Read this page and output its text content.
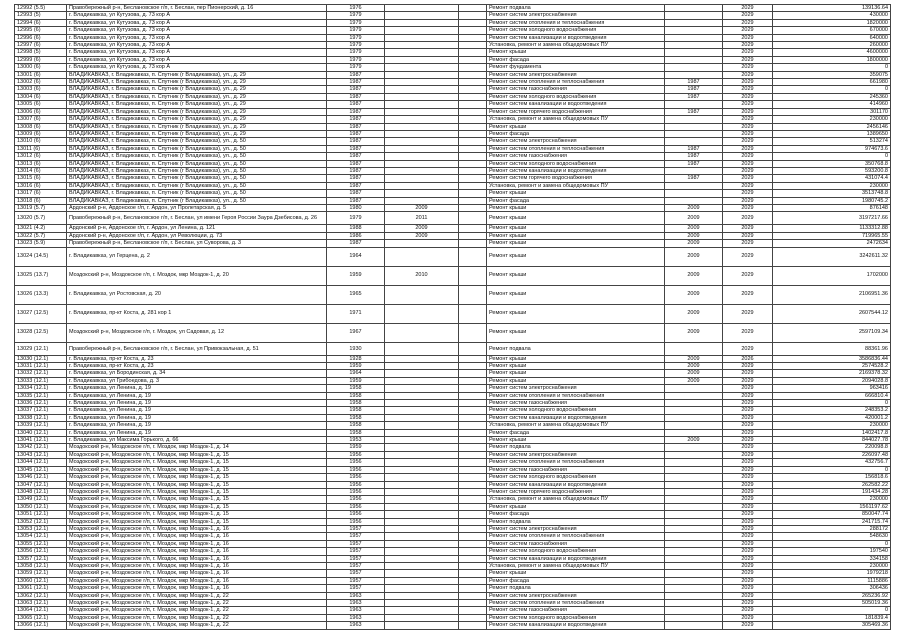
12992 (5.5)	Правобережный р-н, Беслановское г/п, г. Беслан, пер Пионерский, д. 16	1976			Ремонт подвала		2029	139136.64
12993 (5)	г. Владикавказ, ул Кутузова, д. 73 кор А	1979			Ремонт систем электроснабжения		2029	430000
12994 (6)	г. Владикавказ, ул Кутузова, д. 73 кор А	1979			Ремонт систем отопления и теплоснабжения		2029	1820000
12995 (6)	г. Владикавказ, ул Кутузова, д. 73 кор А	1979			Ремонт систем холодного водоснабжения		2029	670000
12996 (6)	г. Владикавказ, ул Кутузова, д. 73 кор А	1979			Ремонт систем канализации и водоотведения		2029	640000
12997 (6)	г. Владикавказ, ул Кутузова, д. 73 кор А	1979			Установка, ремонт и замена общедомовых ПУ		2029	260000
12998 (5)	г. Владикавказ, ул Кутузова, д. 73 кор А	1979			Ремонт крыши		2029	4600000
12999 (6)	г. Владикавказ, ул Кутузова, д. 73 кор А	1979			Ремонт фасада		2029	1800000
13000 (6)	г. Владикавказ, ул Кутузова, д. 73 кор А	1979			Ремонт фундамента		2029	0
13001 (6)	ВЛАДИКАВКАЗ, г. Владикавказ, п. Спутник (г Владикавказ), ул., д. 29	1987			Ремонт систем электроснабжения		2029	359075
13002 (6)	ВЛАДИКАВКАЗ, г. Владикавказ, п. Спутник (г Владикавказ), ул., д. 29	1987			Ремонт систем отопления и теплоснабжения	1987	2029	661980
13003 (6)	ВЛАДИКАВКАЗ, г. Владикавказ, п. Спутник (г Владикавказ), ул., д. 29	1987			Ремонт систем газоснабжения	1987	2029	0
13004 (6)	ВЛАДИКАВКАЗ, г. Владикавказ, п. Спутник (г Владикавказ), ул., д. 29	1987			Ремонт систем холодного водоснабжения	1987	2029	245360
13005 (6)	ВЛАДИКАВКАЗ, г. Владикавказ, п. Спутник (г Владикавказ), ул., д. 29	1987			Ремонт систем канализации и водоотведения		2029	414960
13006 (6)	ВЛАДИКАВКАЗ, г. Владикавказ, п. Спутник (г Владикавказ), ул., д. 29	1987			Ремонт систем горячего водоснабжения	1987	2029	301170
13007 (6)	ВЛАДИКАВКАЗ, г. Владикавказ, п. Спутник (г Владикавказ), ул., д. 29	1987			Установка, ремонт и замена общедомовых ПУ		2029	230000
13008 (6)	ВЛАДИКАВКАЗ, г. Владикавказ, п. Спутник (г Владикавказ), ул., д. 29	1987			Ремонт крыши		2029	2456146
13009 (6)	ВЛАДИКАВКАЗ, г. Владикавказ, п. Спутник (г Владикавказ), ул., д. 29	1987			Ремонт фасада		2029	1389650
13010 (6)	ВЛАДИКАВКАЗ, г. Владикавказ, п. Спутник (г Владикавказ), ул., д. 50	1987			Ремонт систем электроснабжения		2029	513274
13011 (6)	ВЛАДИКАВКАЗ, г. Владикавказ, п. Спутник (г Владикавказ), ул., д. 50	1987			Ремонт систем отопления и теплоснабжения	1987	2029	974673.6
13012 (6)	ВЛАДИКАВКАЗ, г. Владикавказ, п. Спутник (г Владикавказ), ул., д. 50	1987			Ремонт систем газоснабжения	1987	2029	0
13013 (6)	ВЛАДИКАВКАЗ, г. Владикавказ, п. Спутник (г Владикавказ), ул., д. 50	1987			Ремонт систем холодного водоснабжения	1987	2029	350768.8
13014 (6)	ВЛАДИКАВКАЗ, г. Владикавказ, п. Спутник (г Владикавказ), ул., д. 50	1987			Ремонт систем канализации и водоотведения		2029	593200.8
13015 (6)	ВЛАДИКАВКАЗ, г. Владикавказ, п. Спутник (г Владикавказ), ул., д. 50	1987			Ремонт систем горячего водоснабжения	1987	2029	431074.4
13016 (6)	ВЛАДИКАВКАЗ, г. Владикавказ, п. Спутник (г Владикавказ), ул., д. 50	1987			Установка, ремонт и замена общедомовых ПУ		2029	230000
13017 (6)	ВЛАДИКАВКАЗ, г. Владикавказ, п. Спутник (г Владикавказ), ул., д. 50	1987			Ремонт крыши		2029	3513748.8
13018 (6)	ВЛАДИКАВКАЗ, г. Владикавказ, п. Спутник (г Владикавказ), ул., д. 50	1987			Ремонт фасада		2029	1980745.2
13019 (5.7)	Ардонский р-н, Ардонское г/п, г. Ардон, ул Пролетарская, д. 5	1980	2009		Ремонт крыши	2009	2029	876148
13020 (5.7)	Правобережный р-н, Беслановское г/п, г. Беслан, ул имени Героя России Заура Дзебисова, д. 26	1979	2011		Ремонт крыши	2009	2029	3197217.66
13021 (4.2)	Ардонский р-н, Ардонское г/п, г. Ардон, ул Ленина, д. 121	1988	2009		Ремонт крыши	2009	2029	1133312.88
13022 (5.7)	Ардонский р-н, Ардонское г/п, г. Ардон, ул Революции, д. 73	1986	2009		Ремонт крыши	2009	2029	719965.55
13023 (5.9)	Правобережный р-н, Беслановское г/п, г. Беслан, ул Суворова, д. 3	1987			Ремонт крыши	2009	2029	2472634
13024 (14.5)	г. Владикавказ, ул Герцена, д. 2	1964			Ремонт крыши	2009	2029	3242611.32
13025 (13.7)	Моздокский р-н, Моздокское г/п, г. Моздок, мкр Моздок-1, д. 20	1959	2010		Ремонт крыши	2009	2029	1702000
13026 (13.3)	г. Владикавказ, ул Ростовская, д. 20	1965			Ремонт крыши	2009	2029	2106951.36
13027 (12.5)	г. Владикавказ, пр-кт Коста, д. 281 кор 1	1971			Ремонт крыши	2009	2029	2607544.12
13028 (12.5)	Моздокский р-н, Моздокское г/п, г. Моздок, ул Садовая, д. 12	1967			Ремонт крыши	2009	2029	2597109.34
13029 (12.1)	Правобережный р-н, Беслановское г/п, г. Беслан, ул Привокзальная, д. 51	1930			Ремонт подвала		2029	88361.96
13030 (12.1)	г. Владикавказ, пр-кт Коста, д. 23	1928			Ремонт крыши	2009	2026	3586836.44
13031 (12.1)	г. Владикавказ, пр-кт Коста, д. 23	1959			Ремонт крыши	2009	2029	2574528.2
13032 (12.1)	г. Владикавказ, ул Бородинская, д. 34	1964			Ремонт крыши	2009	2029	2169378.32
13033 (12.1)	г. Владикавказ, ул Грибоедова, д. 3	1959			Ремонт крыши	2009	2029	2094028.8
13034 (12.1)	г. Владикавказ, ул Ленина, д. 19	1958			Ремонт систем электроснабжения		2029	963416
13035 (12.1)	г. Владикавказ, ул Ленина, д. 19	1958			Ремонт систем отопления и теплоснабжения		2029	666810.4
13036 (12.1)	г. Владикавказ, ул Ленина, д. 19	1958			Ремонт систем газоснабжения		2029	0
13037 (12.1)	г. Владикавказ, ул Ленина, д. 19	1958			Ремонт систем холодного водоснабжения		2029	248353.2
13038 (12.1)	г. Владикавказ, ул Ленина, д. 19	1958			Ремонт систем канализации и водоотведения		2029	420001.2
13039 (12.1)	г. Владикавказ, ул Ленина, д. 19	1958			Установка, ремонт и замена общедомовых ПУ		2029	230000
13040 (12.1)	г. Владикавказ, ул Ленина, д. 19	1958			Ремонт фасада		2029	1402417.8
13041 (12.1)	г. Владикавказ, ул Максима Горького, д. 66	1953			Ремонт крыши	2009	2029	844027.78
13042 (12.1)	Моздокский р-н, Моздокское г/п, г. Моздок, мкр Моздок-1, д. 14	1959			Ремонт подвала		2029	220098.8
13043 (12.1)	Моздокский р-н, Моздокское г/п, г. Моздок, мкр Моздок-1, д. 15	1956			Ремонт систем электроснабжения		2029	226097.48
13044 (12.1)	Моздокский р-н, Моздокское г/п, г. Моздок, мкр Моздок-1, д. 15	1956			Ремонт систем отопления и теплоснабжения		2029	432756.7
13045 (12.1)	Моздокский р-н, Моздокское г/п, г. Моздок, мкр Моздок-1, д. 15	1956			Ремонт систем газоснабжения		2029	0
13046 (12.1)	Моздокский р-н, Моздокское г/п, г. Моздок, мкр Моздок-1, д. 15	1956			Ремонт систем холодного водоснабжения		2029	156818.6
13047 (12.1)	Моздокский р-н, Моздокское г/п, г. Моздок, мкр Моздок-1, д. 15	1956			Ремонт систем канализации и водоотведения		2029	262582.22
13048 (12.1)	Моздокский р-н, Моздокское г/п, г. Моздок, мкр Моздок-1, д. 15	1956			Ремонт систем горячего водоснабжения		2029	191434.28
13049 (12.1)	Моздокский р-н, Моздокское г/п, г. Моздок, мкр Моздок-1, д. 15	1956			Установка, ремонт и замена общедомовых ПУ		2029	230000
13050 (12.1)	Моздокский р-н, Моздокское г/п, г. Моздок, мкр Моздок-1, д. 15	1956			Ремонт крыши		2029	1561197.62
13051 (12.1)	Моздокский р-н, Моздокское г/п, г. Моздок, мкр Моздок-1, д. 15	1956			Ремонт фасада		2029	850047.74
13052 (12.1)	Моздокский р-н, Моздокское г/п, г. Моздок, мкр Моздок-1, д. 15	1956			Ремонт подвала		2029	241715.74
13053 (12.1)	Моздокский р-н, Моздокское г/п, г. Моздок, мкр Моздок-1, д. 16	1957			Ремонт систем электроснабжения		2029	288172
13054 (12.1)	Моздокский р-н, Моздокское г/п, г. Моздок, мкр Моздок-1, д. 16	1957			Ремонт систем отопления и теплоснабжения		2029	548630
13055 (12.1)	Моздокский р-н, Моздокское г/п, г. Моздок, мкр Моздок-1, д. 16	1957			Ремонт систем газоснабжения		2029	0
13056 (12.1)	Моздокский р-н, Моздокское г/п, г. Моздок, мкр Моздок-1, д. 16	1957			Ремонт систем холодного водоснабжения		2029	197540
13057 (12.1)	Моздокский р-н, Моздокское г/п, г. Моздок, мкр Моздок-1, д. 16	1957			Ремонт систем канализации и водоотведения		2029	334158
13058 (12.1)	Моздокский р-н, Моздокское г/п, г. Моздок, мкр Моздок-1, д. 16	1957			Установка, ремонт и замена общедомовых ПУ		2029	230000
13059 (12.1)	Моздокский р-н, Моздокское г/п, г. Моздок, мкр Моздок-1, д. 16	1957			Ремонт крыши		2029	1979218
13060 (12.1)	Моздокский р-н, Моздокское г/п, г. Моздок, мкр Моздок-1, д. 16	1957			Ремонт фасада		2029	1115886
13061 (12.1)	Моздокский р-н, Моздокское г/п, г. Моздок, мкр Моздок-1, д. 16	1957			Ремонт подвала		2029	306436
13062 (12.1)	Моздокский р-н, Моздокское г/п, г. Моздок, мкр Моздок-1, д. 22	1963			Ремонт систем электроснабжения		2029	265236.92
13063 (12.1)	Моздокский р-н, Моздокское г/п, г. Моздок, мкр Моздок-1, д. 22	1963			Ремонт систем отопления и теплоснабжения		2029	505019.36
13064 (12.1)	Моздокский р-н, Моздокское г/п, г. Моздок, мкр Моздок-1, д. 22	1963			Ремонт систем газоснабжения		2029	0
13065 (12.1)	Моздокский р-н, Моздокское г/п, г. Моздок, мкр Моздок-1, д. 22	1963			Ремонт систем холодного водоснабжения		2029	181839.4
13066 (12.1)	Моздокский р-н, Моздокское г/п, г. Моздок, мкр Моздок-1, д. 22	1963			Ремонт систем канализации и водоотведения		2029	305469.36
